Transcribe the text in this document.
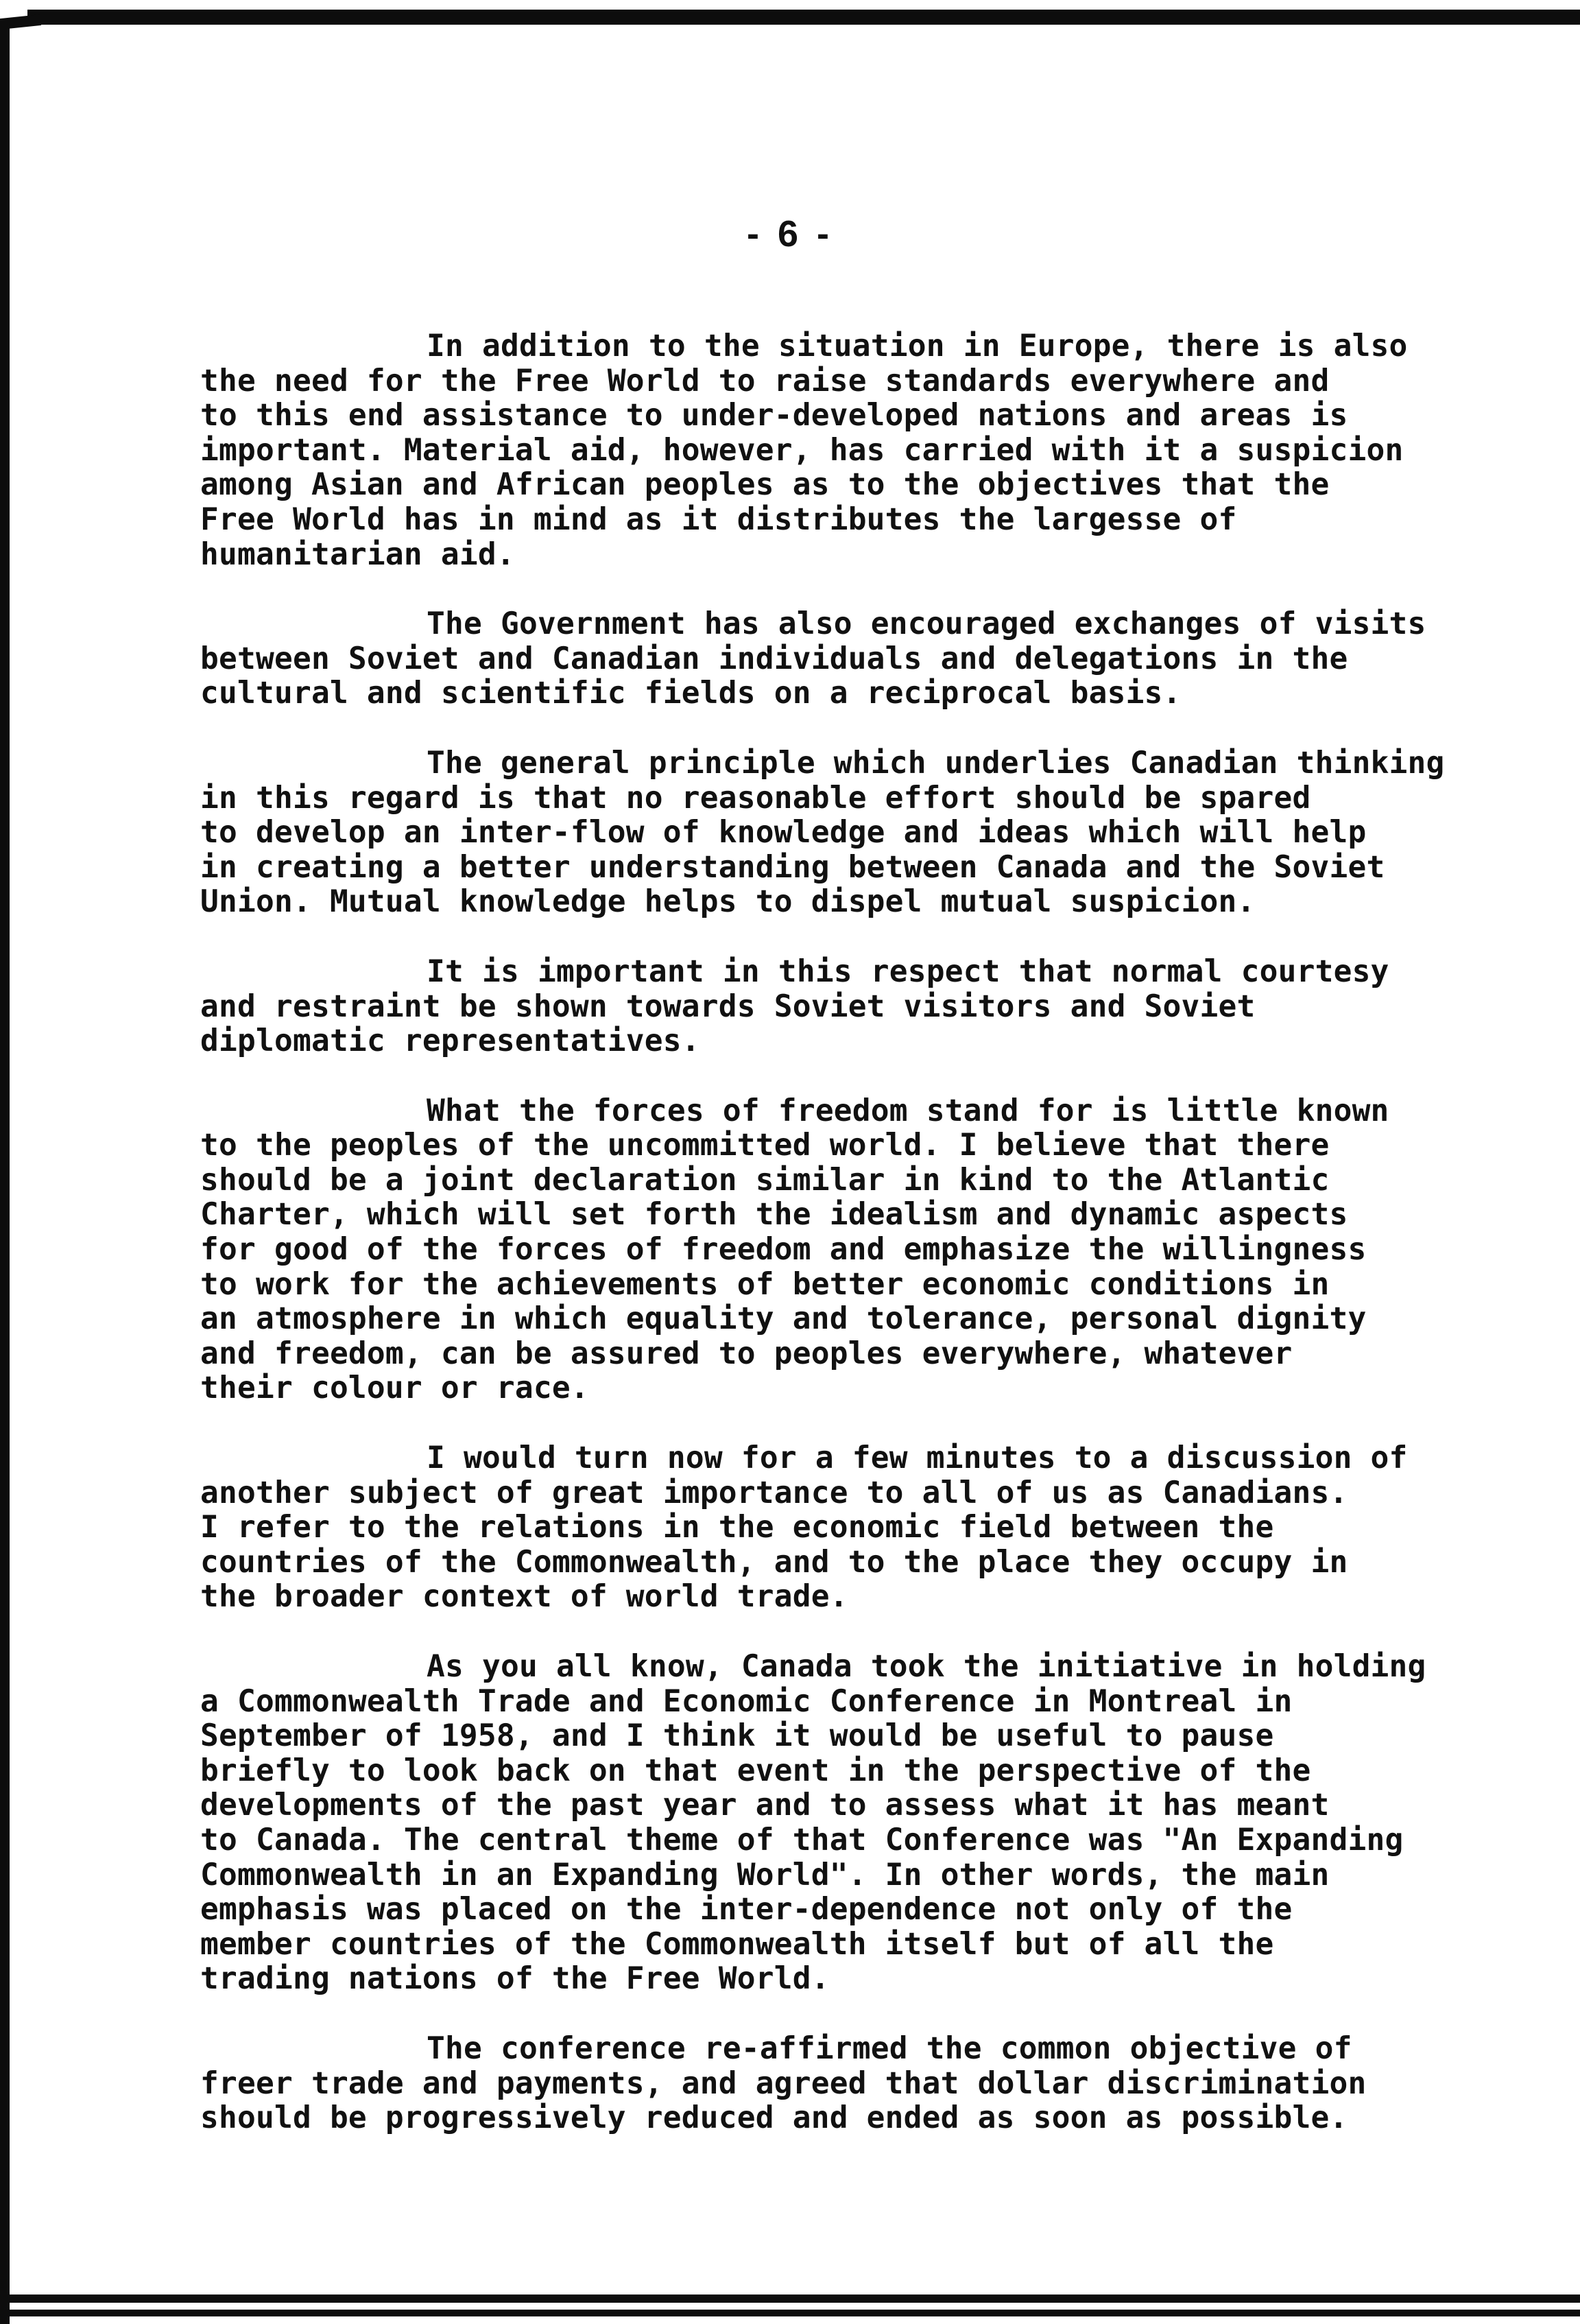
- 6 -
In addition to the situation in Europe, there is also
the need for the Free World to raise standards everywhere and
to this end assistance to under-developed nations and areas is
important. Material aid, however, has carried with it a suspicion
among Asian and African peoples as to the objectives that the
Free World has in mind as it distributes the largesse of
humanitarian aid.
The Government has also encouraged exchanges of visits
between Soviet and Canadian individuals and delegations in the
cultural and scientific fields on a reciprocal basis.
The general principle which underlies Canadian thinking
in this regard is that no reasonable effort should be spared
to develop an inter-flow of knowledge and ideas which will help
in creating a better understanding between Canada and the Soviet
Union. Mutual knowledge helps to dispel mutual suspicion.
It is important in this respect that normal courtesy
and restraint be shown towards Soviet visitors and Soviet
diplomatic representatives.
What the forces of freedom stand for is little known
to the peoples of the uncommitted world. I believe that there
should be a joint declaration similar in kind to the Atlantic
Charter, which will set forth the idealism and dynamic aspects
for good of the forces of freedom and emphasize the willingness
to work for the achievements of better economic conditions in
an atmosphere in which equality and tolerance, personal dignity
and freedom, can be assured to peoples everywhere, whatever
their colour or race.
I would turn now for a few minutes to a discussion of
another subject of great importance to all of us as Canadians.
I refer to the relations in the economic field between the
countries of the Commonwealth, and to the place they occupy in
the broader context of world trade.
As you all know, Canada took the initiative in holding
a Commonwealth Trade and Economic Conference in Montreal in
September of 1958, and I think it would be useful to pause
briefly to look back on that event in the perspective of the
developments of the past year and to assess what it has meant
to Canada. The central theme of that Conference was "An Expanding
Commonwealth in an Expanding World". In other words, the main
emphasis was placed on the inter-dependence not only of the
member countries of the Commonwealth itself but of all the
trading nations of the Free World.
The conference re-affirmed the common objective of
freer trade and payments, and agreed that dollar discrimination
should be progressively reduced and ended as soon as possible.
